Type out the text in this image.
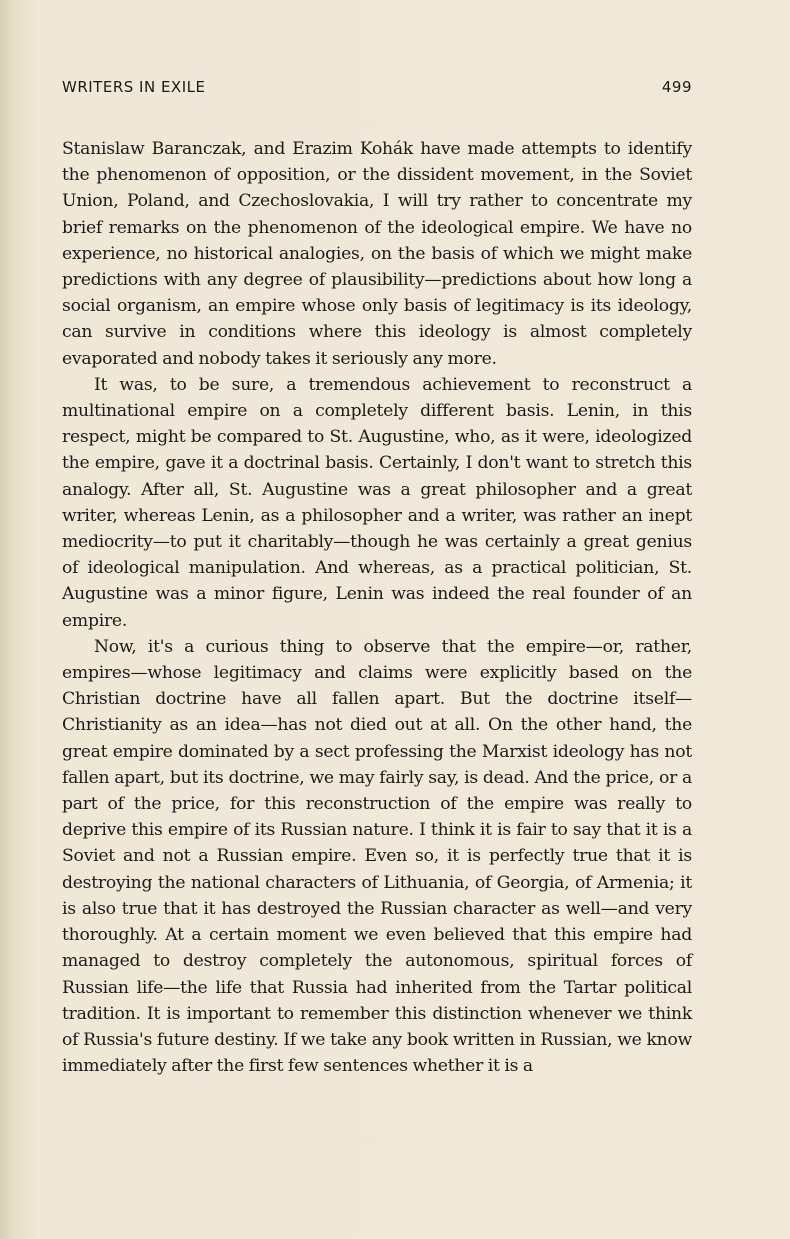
WRITERS IN EXILE	499

Stanislaw Baranczak, and Erazim Kohák have made attempts to identify the phenomenon of opposition, or the dissident movement, in the Soviet Union, Poland, and Czechoslovakia, I will try rather to concentrate my brief remarks on the phenomenon of the ideological empire. We have no experience, no historical analogies, on the basis of which we might make predictions with any degree of plausibility—predictions about how long a social organism, an empire whose only basis of legitimacy is its ideology, can survive in conditions where this ideology is almost completely evaporated and nobody takes it seriously any more.

It was, to be sure, a tremendous achievement to reconstruct a multinational empire on a completely different basis. Lenin, in this respect, might be compared to St. Augustine, who, as it were, ideologized the empire, gave it a doctrinal basis. Certainly, I don't want to stretch this analogy. After all, St. Augustine was a great philosopher and a great writer, whereas Lenin, as a philosopher and a writer, was rather an inept mediocrity—to put it charitably—though he was certainly a great genius of ideological manipulation. And whereas, as a practical politician, St. Augustine was a minor figure, Lenin was indeed the real founder of an empire.

Now, it's a curious thing to observe that the empire—or, rather, empires—whose legitimacy and claims were explicitly based on the Christian doctrine have all fallen apart. But the doctrine itself—Christianity as an idea—has not died out at all. On the other hand, the great empire dominated by a sect professing the Marxist ideology has not fallen apart, but its doctrine, we may fairly say, is dead. And the price, or a part of the price, for this reconstruction of the empire was really to deprive this empire of its Russian nature. I think it is fair to say that it is a Soviet and not a Russian empire. Even so, it is perfectly true that it is destroying the national characters of Lithuania, of Georgia, of Armenia; it is also true that it has destroyed the Russian character as well—and very thoroughly. At a certain moment we even believed that this empire had managed to destroy completely the autonomous, spiritual forces of Russian life—the life that Russia had inherited from the Tartar political tradition. It is important to remember this distinction whenever we think of Russia's future destiny. If we take any book written in Russian, we know immediately after the first few sentences whether it is a
